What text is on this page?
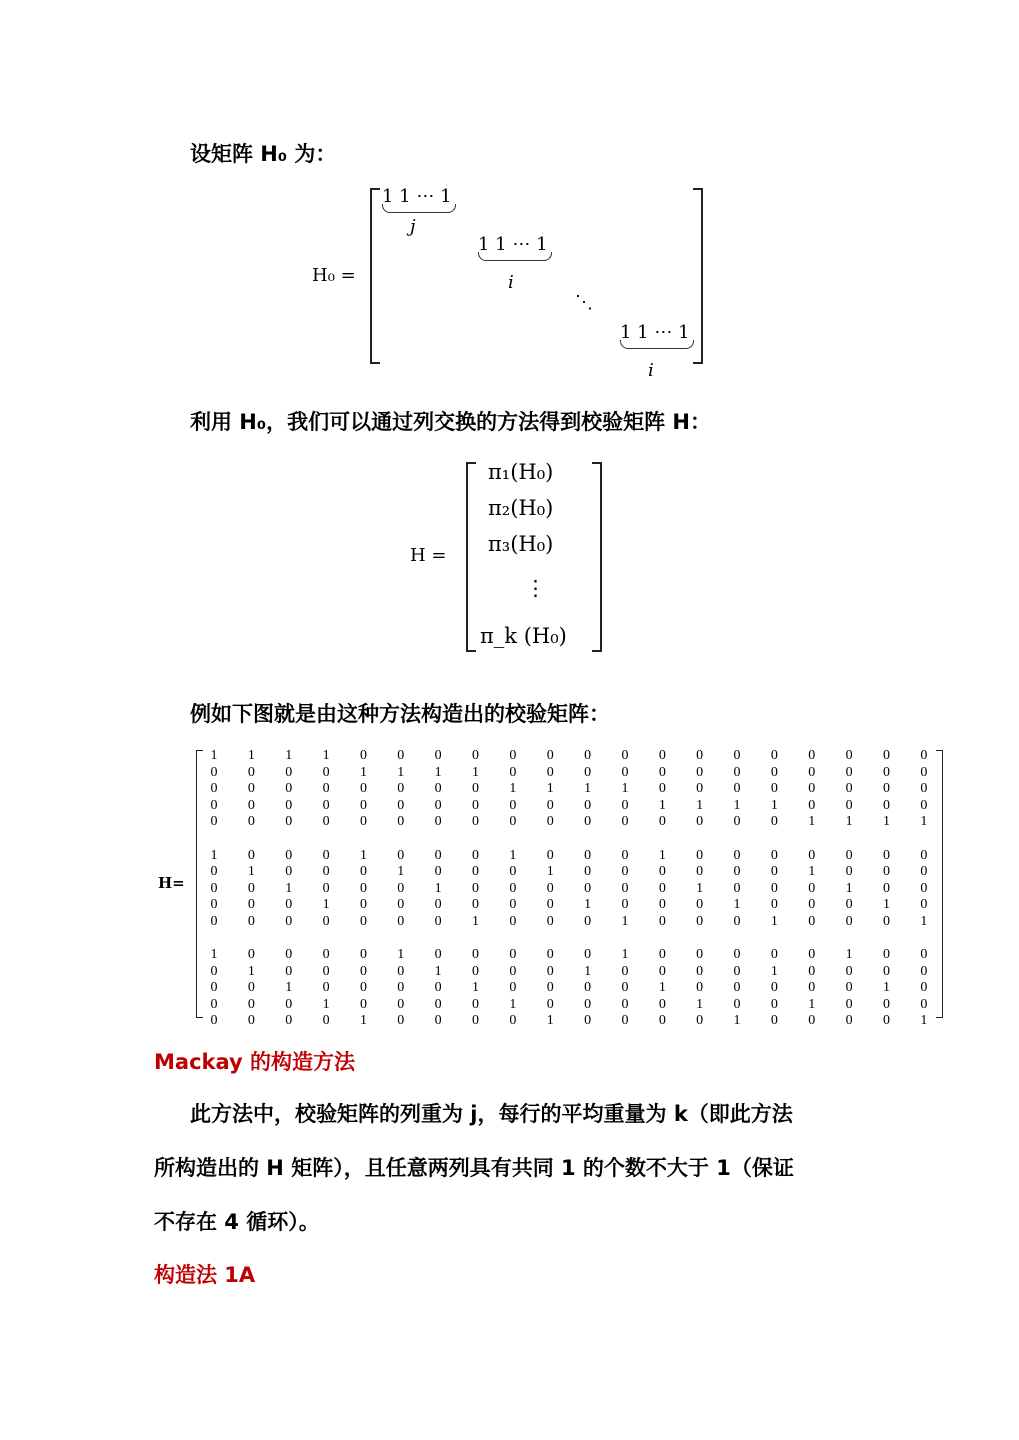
设矩阵 H₀ 为：
H₀ =
1 1 ⋯ 1
j
1 1 ⋯ 1
i
⋱
1 1 ⋯ 1
i
利用 H₀，我们可以通过列交换的方法得到校验矩阵 H：
H =
π₁(H₀)
π₂(H₀)
π₃(H₀)
⋮
π_k (H₀)
例如下图就是由这种方法构造出的校验矩阵：
H=
1	1	1	1	0	0	0	0	0	0	0	0	0	0	0	0	0	0	0	0
0	0	0	0	1	1	1	1	0	0	0	0	0	0	0	0	0	0	0	0
0	0	0	0	0	0	0	0	1	1	1	1	0	0	0	0	0	0	0	0
0	0	0	0	0	0	0	0	0	0	0	0	1	1	1	1	0	0	0	0
0	0	0	0	0	0	0	0	0	0	0	0	0	0	0	0	1	1	1	1
1	0	0	0	1	0	0	0	1	0	0	0	1	0	0	0	0	0	0	0
0	1	0	0	0	1	0	0	0	1	0	0	0	0	0	0	1	0	0	0
0	0	1	0	0	0	1	0	0	0	0	0	0	1	0	0	0	1	0	0
0	0	0	1	0	0	0	0	0	0	1	0	0	0	1	0	0	0	1	0
0	0	0	0	0	0	0	1	0	0	0	1	0	0	0	1	0	0	0	1
1	0	0	0	0	1	0	0	0	0	0	1	0	0	0	0	0	1	0	0
0	1	0	0	0	0	1	0	0	0	1	0	0	0	0	1	0	0	0	0
0	0	1	0	0	0	0	1	0	0	0	0	1	0	0	0	0	0	1	0
0	0	0	1	0	0	0	0	1	0	0	0	0	1	0	0	1	0	0	0
0	0	0	0	1	0	0	0	0	1	0	0	0	0	1	0	0	0	0	1
Mackay 的构造方法
此方法中，校验矩阵的列重为 j，每行的平均重量为 k（即此方法
所构造出的 H 矩阵），且任意两列具有共同 1 的个数不大于 1（保证
不存在 4 循环）。
构造法 1A
